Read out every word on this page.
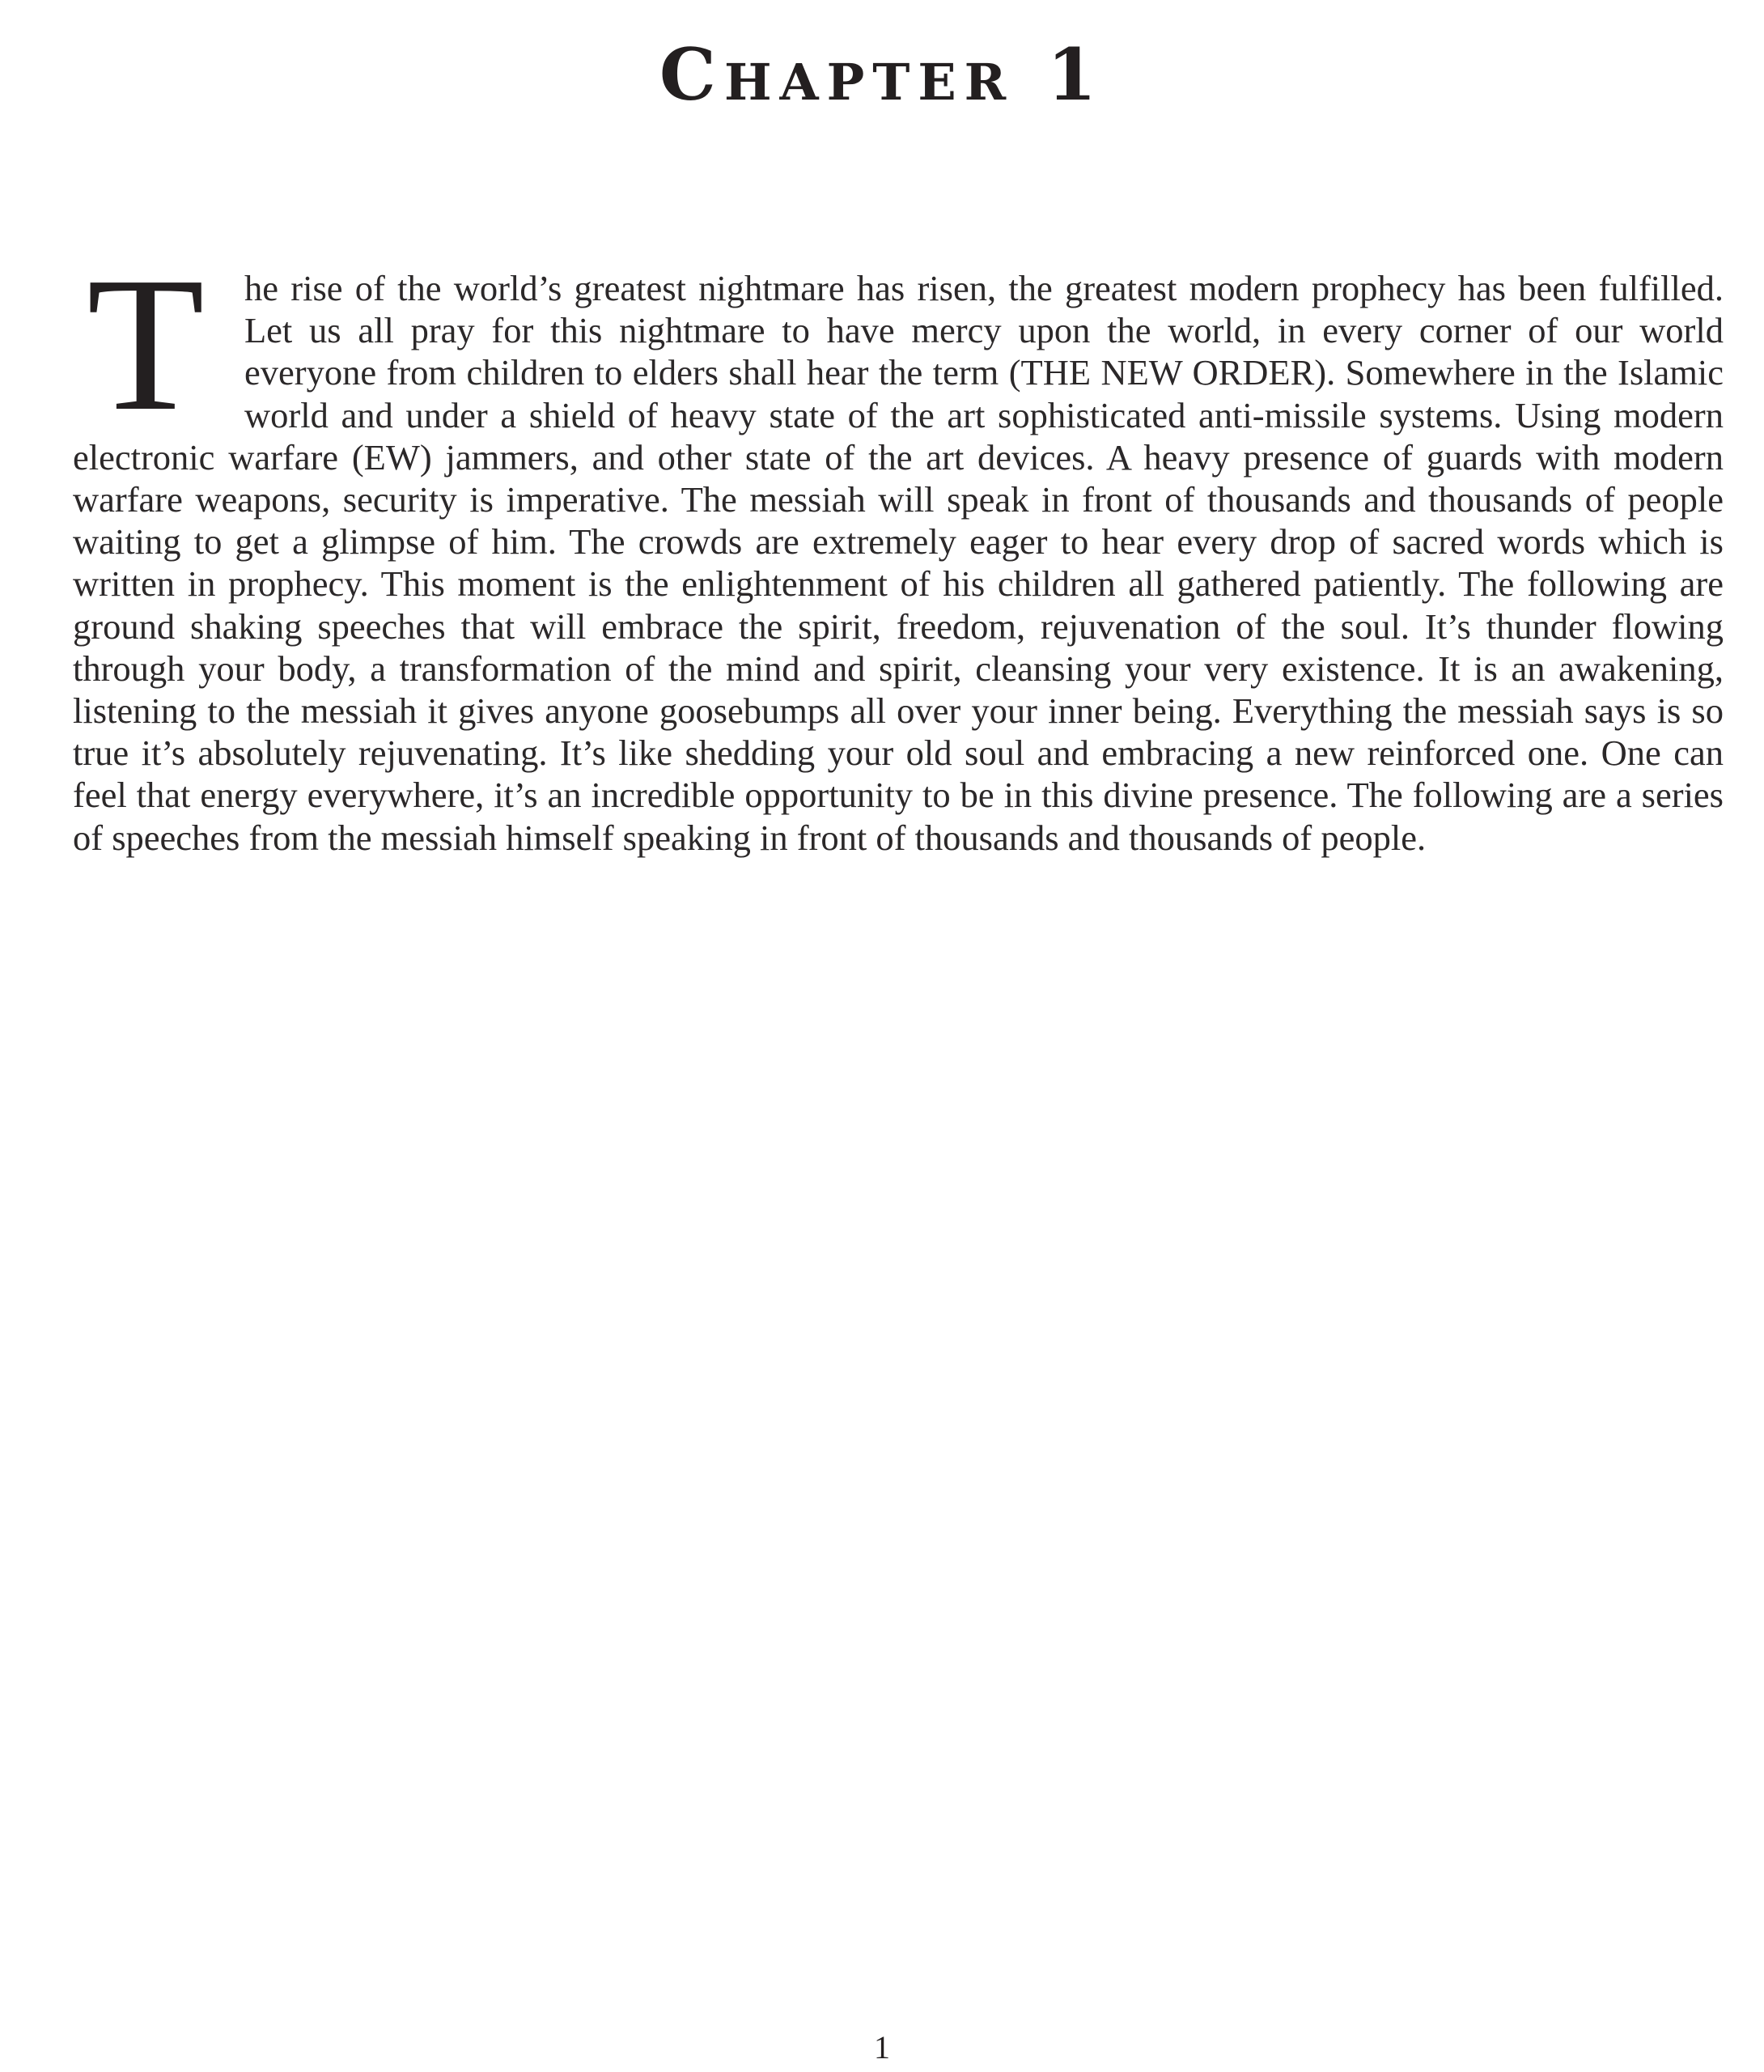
Chapter 1

T	he rise of the world’s greatest nightmare has risen, the greatest modern prophecy has been fulfilled. Let us all pray for this nightmare to have mercy upon the world, in every corner of our world everyone from children to elders shall hear the term (THE NEW ORDER). Somewhere in the Islamic world and under a shield of heavy state of the art sophisticated anti-missile systems. Using modern electronic warfare (EW) jammers, and other state of the art devices. A heavy presence of guards with modern warfare weapons, security is imperative. The messiah will speak in front of thousands and thousands of people waiting to get a glimpse of him. The crowds are extremely eager to hear every drop of sacred words which is written in prophecy. This moment is the enlightenment of his children all gathered patiently. The following are ground shaking speeches that will embrace the spirit, freedom, rejuvenation of the soul. It’s thunder flowing through your body, a transformation of the mind and spirit, cleansing your very existence. It is an awakening, listening to the messiah it gives anyone goosebumps all over your inner being. Everything the messiah says is so true it’s absolutely rejuvenating. It’s like shedding your old soul and embracing a new reinforced one. One can feel that energy everywhere, it’s an incredible opportunity to be in this divine presence. The following are a series of speeches from the messiah himself speaking in front of thousands and thousands of people.

1
